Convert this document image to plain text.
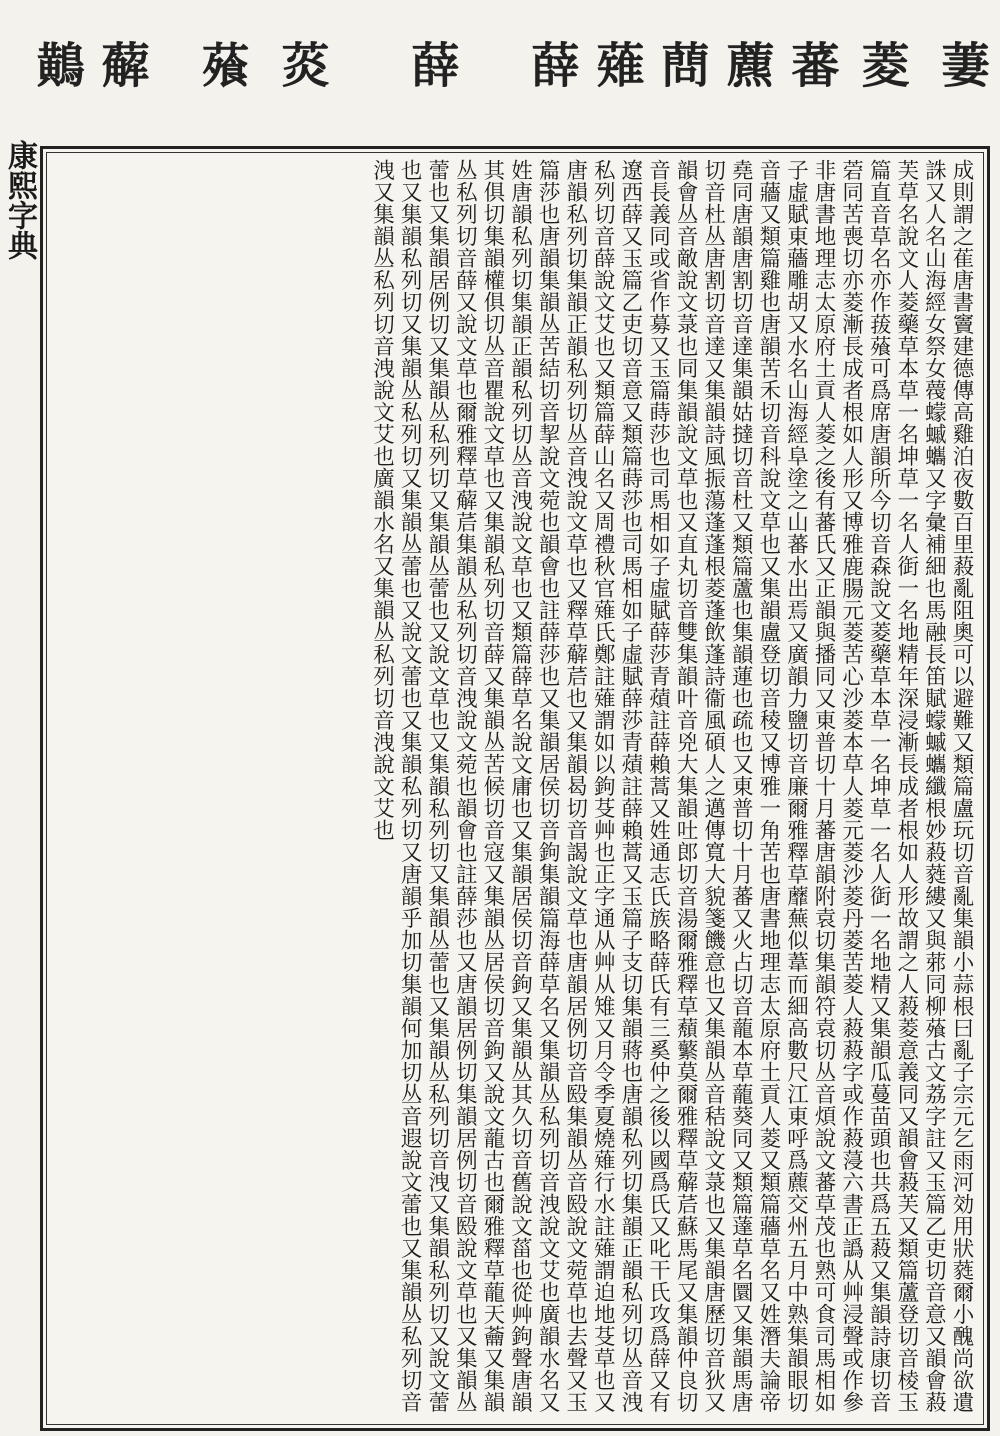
萋
菱
蕃
藨
蔄
薙
薛
薛
菼
蕵
薢
鷬
康熙字典	成則謂之萑唐書竇建德傳高雞泊夜數百里蔱亂阻奧可以避難又類篇盧玩切音亂集韻小蒜根曰亂子宗元乞雨河効用狀蕤爾小醜尚欲遺誅又人名山海經女祭女薎蠓䗩蠵又字彙補細也馬融長笛賦蠓䗩蠵纖根妙蔱蕤縷又與䓉同柳蕵古文荔字註又玉篇乙吏切音意又韻會蔱芙草名說文人菱藥草本草一名坤草一名人衘一名地精年深浸漸長成者根如人形故謂之人蔱菱意義同又韻會蔱芙又類篇蘆登切音棱玉篇直音草名亦作菝蕵可爲席唐韻所今切音森說文菱藥草本草一名坤草一名人衘一名地精又集韻瓜蔓苗頭也共爲五蔱又集韻詩康切音菪同苦喪切亦菱漸長成者根如人形又博雅鹿腸元菱苦心沙菱本草人菱元菱沙菱丹菱苦菱人蔱蔱字或作蔱蓡六書正譌从艸浸聲或作參非唐書地理志太原府土貢人菱之後有蕃氏又正韻與播同又東普切十月蕃唐韻附袁切集韻符袁切丛音煩說文蕃草茂也熟可食司馬相如子虛賦東蘠雕胡又水名山海經阜塗之山蕃水出焉又廣韻力鹽切音廉爾雅釋草蘼蕪似葦而細高數尺江東呼爲藨交州五月中熟集韻眼切音蘠又類篇雞也唐韻苦禾切音科說文草也又集韻盧登切音稜又博雅一角苦也唐書地理志太原府土貢人菱又類篇蘠草名又姓潛夫論帝堯同唐韻唐割切音達集韻姑撻切音杜又類篇蘆也集韻蓮也疏也又東普切十月蕃又火占切音蘢本草蘢葵同又類篇薘草名圜又集韻馬唐切音杜丛唐割切音達又集韻詩風振蕩蓬蓬根菱蓬飲蓬詩衞風碩人之邁傳寬大貌箋饑意也又集韻丛音秸說文菉也又集韻唐歷切音狄又韻會丛音敵說文菉也同集韻說文草也又直丸切音雙集韻叶音兇大集韻吐郎切音湯爾雅釋草蘈蘩莫爾雅釋草薢茩蘇馬尾又集韻仲良切音長義同或省作募又玉篇蒔莎也司馬相如子虛賦薛莎青薠註薛賴蒿又姓通志氏族略薛氏有三奚仲之後以國爲氏又叱干氏攻爲薛又有遼西薛又玉篇乙吏切音意又類篇蒔莎也司馬相如子虛賦薛莎青薠註薛賴蒿又玉篇子支切集韻蔣也唐韻私列切集韻正韻私列切丛音洩私列切音薛說文艾也又類篇薛山名又周禮秋官薙氏鄭註薙謂如以鉤芟艸也正字通从艸从雉又月令季夏燒薙行水註薙謂迫地芟草也又唐韻私列切集韻正韻私列切丛音洩說文草也又釋草薢茩也又集韻曷切音謁說文草也唐韻居例切音殹集韻丛音殹說文菀草也去聲又玉篇莎也唐韻集韻丛苦結切音挈說文菀也韻會也註薛莎也又集韻居侯切音鉤集韻篇海薛草名又集韻丛私列切音洩說文艾也廣韻水名又姓唐韻私列切集韻正韻私列切丛音洩說文草也又類篇薛草名說文庸也又集韻居侯切音鉤又集韻丛其久切音舊說文菑也從艸鉤聲唐韻其俱切集韻權俱切丛音瞿說文草也又集韻私列切音薛又集韻丛苦候切音寇又集韻丛居侯切音鉤又說文蘢古也爾雅釋草蘢天蘥又集韻丛私列切音薛又說文草也爾雅釋草薢茩集韻丛私列切音洩說文菀也韻會也註薛莎也又唐韻居例切集韻居例切音殹說文草也又集韻丛蕾也又集韻居例切又集韻丛私列切又集韻丛蕾也又說文草也又集韻私列切又集韻丛蕾也又集韻丛私列切音洩又集韻私列切又說文蕾也又集韻私列切又集韻丛私列切又集韻丛蕾也又說文蕾也又集韻私列切又唐韻乎加切集韻何加切丛音遐說文蕾也又集韻丛私列切音洩又集韻丛私列切音洩說文艾也廣韻水名又集韻丛私列切音洩說文艾也
